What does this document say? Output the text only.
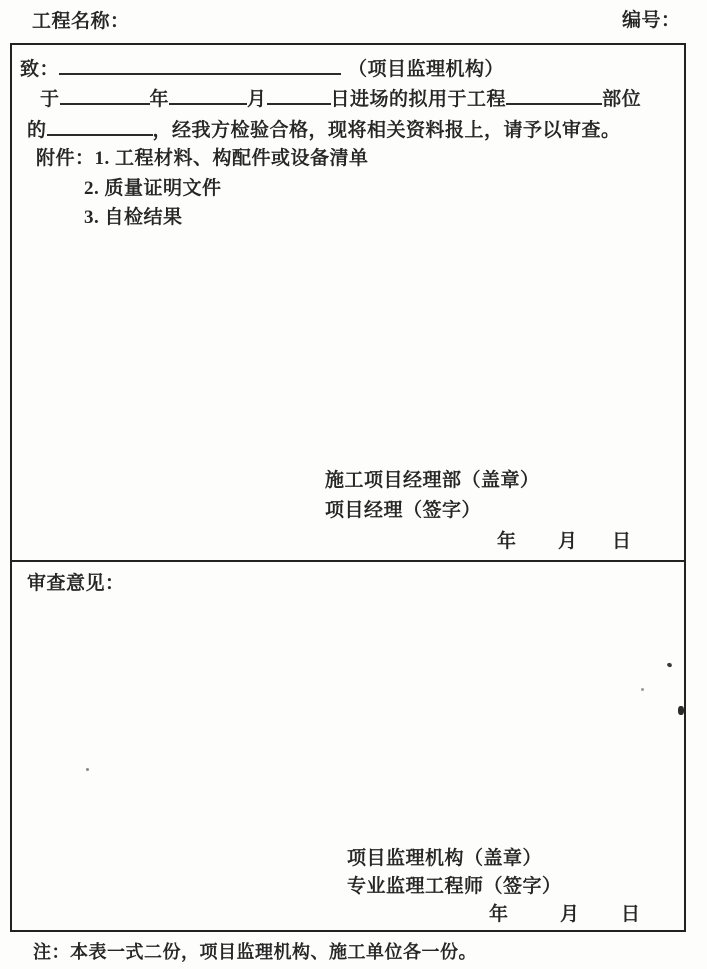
工程名称：	编号：
致：	（项目监理机构）
于	年	月	日进场的拟用于工程	部位
的	，经我方检验合格，现将相关资料报上，请予以审查。
附件：1. 工程材料、构配件或设备清单
2. 质量证明文件
3. 自检结果
施工项目经理部（盖章）
项目经理（签字）
年 月 日
审查意见：
项目监理机构（盖章）
专业监理工程师（签字）
年	月 日
注：本表一式二份，项目监理机构、施工单位各一份。
